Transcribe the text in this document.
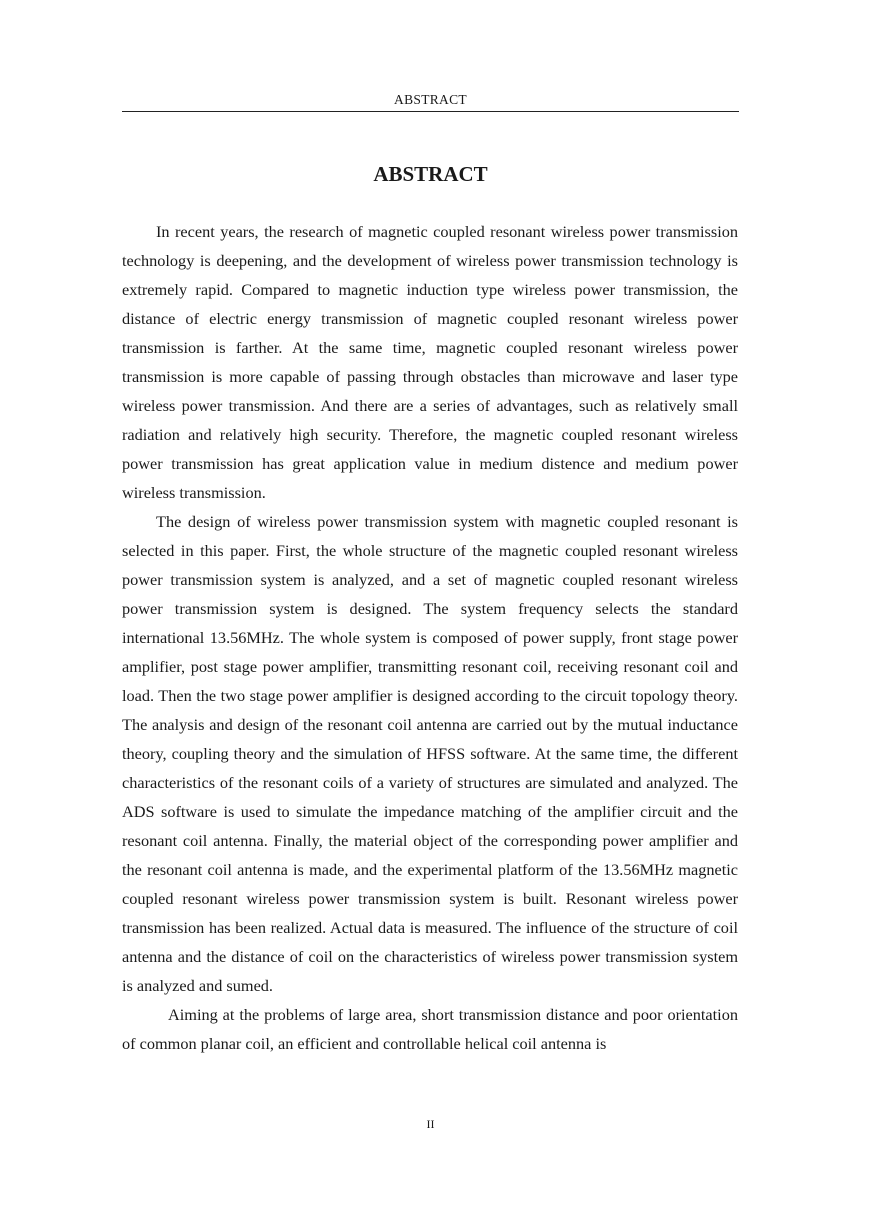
ABSTRACT
ABSTRACT

In recent years, the research of magnetic coupled resonant wireless power transmission technology is deepening, and the development of wireless power transmission technology is extremely rapid. Compared to magnetic induction type wireless power transmission, the distance of electric energy transmission of magnetic coupled resonant wireless power transmission is farther. At the same time, magnetic coupled resonant wireless power transmission is more capable of passing through obstacles than microwave and laser type wireless power transmission. And there are a series of advantages, such as relatively small radiation and relatively high security. Therefore, the magnetic coupled resonant wireless power transmission has great application value in medium distence and medium power wireless transmission.

The design of wireless power transmission system with magnetic coupled resonant is selected in this paper. First, the whole structure of the magnetic coupled resonant wireless power transmission system is analyzed, and a set of magnetic coupled resonant wireless power transmission system is designed. The system frequency selects the standard international 13.56MHz. The whole system is composed of power supply, front stage power amplifier, post stage power amplifier, transmitting resonant coil, receiving resonant coil and load. Then the two stage power amplifier is designed according to the circuit topology theory. The analysis and design of the resonant coil antenna are carried out by the mutual inductance theory, coupling theory and the simulation of HFSS software. At the same time, the different characteristics of the resonant coils of a variety of structures are simulated and analyzed. The ADS software is used to simulate the impedance matching of the amplifier circuit and the resonant coil antenna. Finally, the material object of the corresponding power amplifier and the resonant coil antenna is made, and the experimental platform of the 13.56MHz magnetic coupled resonant wireless power transmission system is built. Resonant wireless power transmission has been realized. Actual data is measured. The influence of the structure of coil antenna and the distance of coil on the characteristics of wireless power transmission system is analyzed and sumed.

Aiming at the problems of large area, short transmission distance and poor orientation of common planar coil, an efficient and controllable helical coil antenna is

II
